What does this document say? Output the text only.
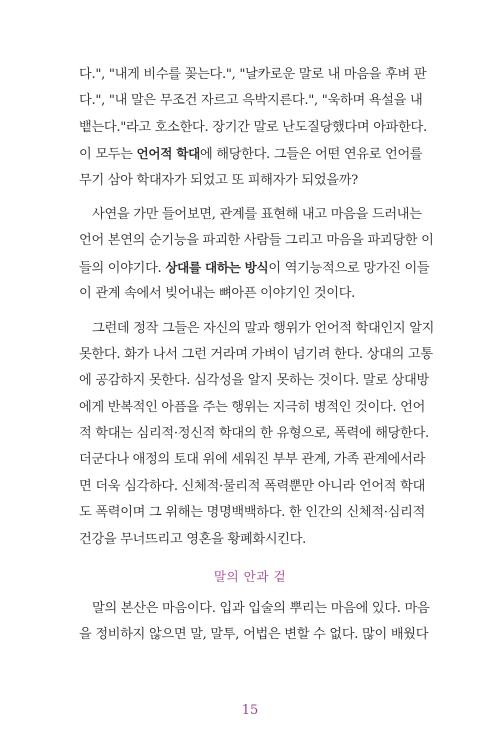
다.", "내게 비수를 꽂는다.", "날카로운 말로 내 마음을 후벼 판
다.", "내 말은 무조건 자르고 윽박지른다.", "욱하며 욕설을 내
뱉는다."라고 호소한다. 장기간 말로 난도질당했다며 아파한다.
이 모두는 언어적 학대에 해당한다. 그들은 어떤 연유로 언어를
무기 삼아 학대자가 되었고 또 피해자가 되었을까?
사연을 가만 들어보면, 관계를 표현해 내고 마음을 드러내는
언어 본연의 순기능을 파괴한 사람들 그리고 마음을 파괴당한 이
들의 이야기다. 상대를 대하는 방식이 역기능적으로 망가진 이들
이 관계 속에서 빚어내는 뼈아픈 이야기인 것이다.
그런데 정작 그들은 자신의 말과 행위가 언어적 학대인지 알지
못한다. 화가 나서 그런 거라며 가벼이 넘기려 한다. 상대의 고통
에 공감하지 못한다. 심각성을 알지 못하는 것이다. 말로 상대방
에게 반복적인 아픔을 주는 행위는 지극히 병적인 것이다. 언어
적 학대는 심리적·정신적 학대의 한 유형으로, 폭력에 해당한다.
더군다나 애정의 토대 위에 세워진 부부 관계, 가족 관계에서라
면 더욱 심각하다. 신체적·물리적 폭력뿐만 아니라 언어적 학대
도 폭력이며 그 위해는 명명백백하다. 한 인간의 신체적·심리적
건강을 무너뜨리고 영혼을 황폐화시킨다.
말의 안과 겉
말의 본산은 마음이다. 입과 입술의 뿌리는 마음에 있다. 마음
을 정비하지 않으면 말, 말투, 어법은 변할 수 없다. 많이 배웠다
15
